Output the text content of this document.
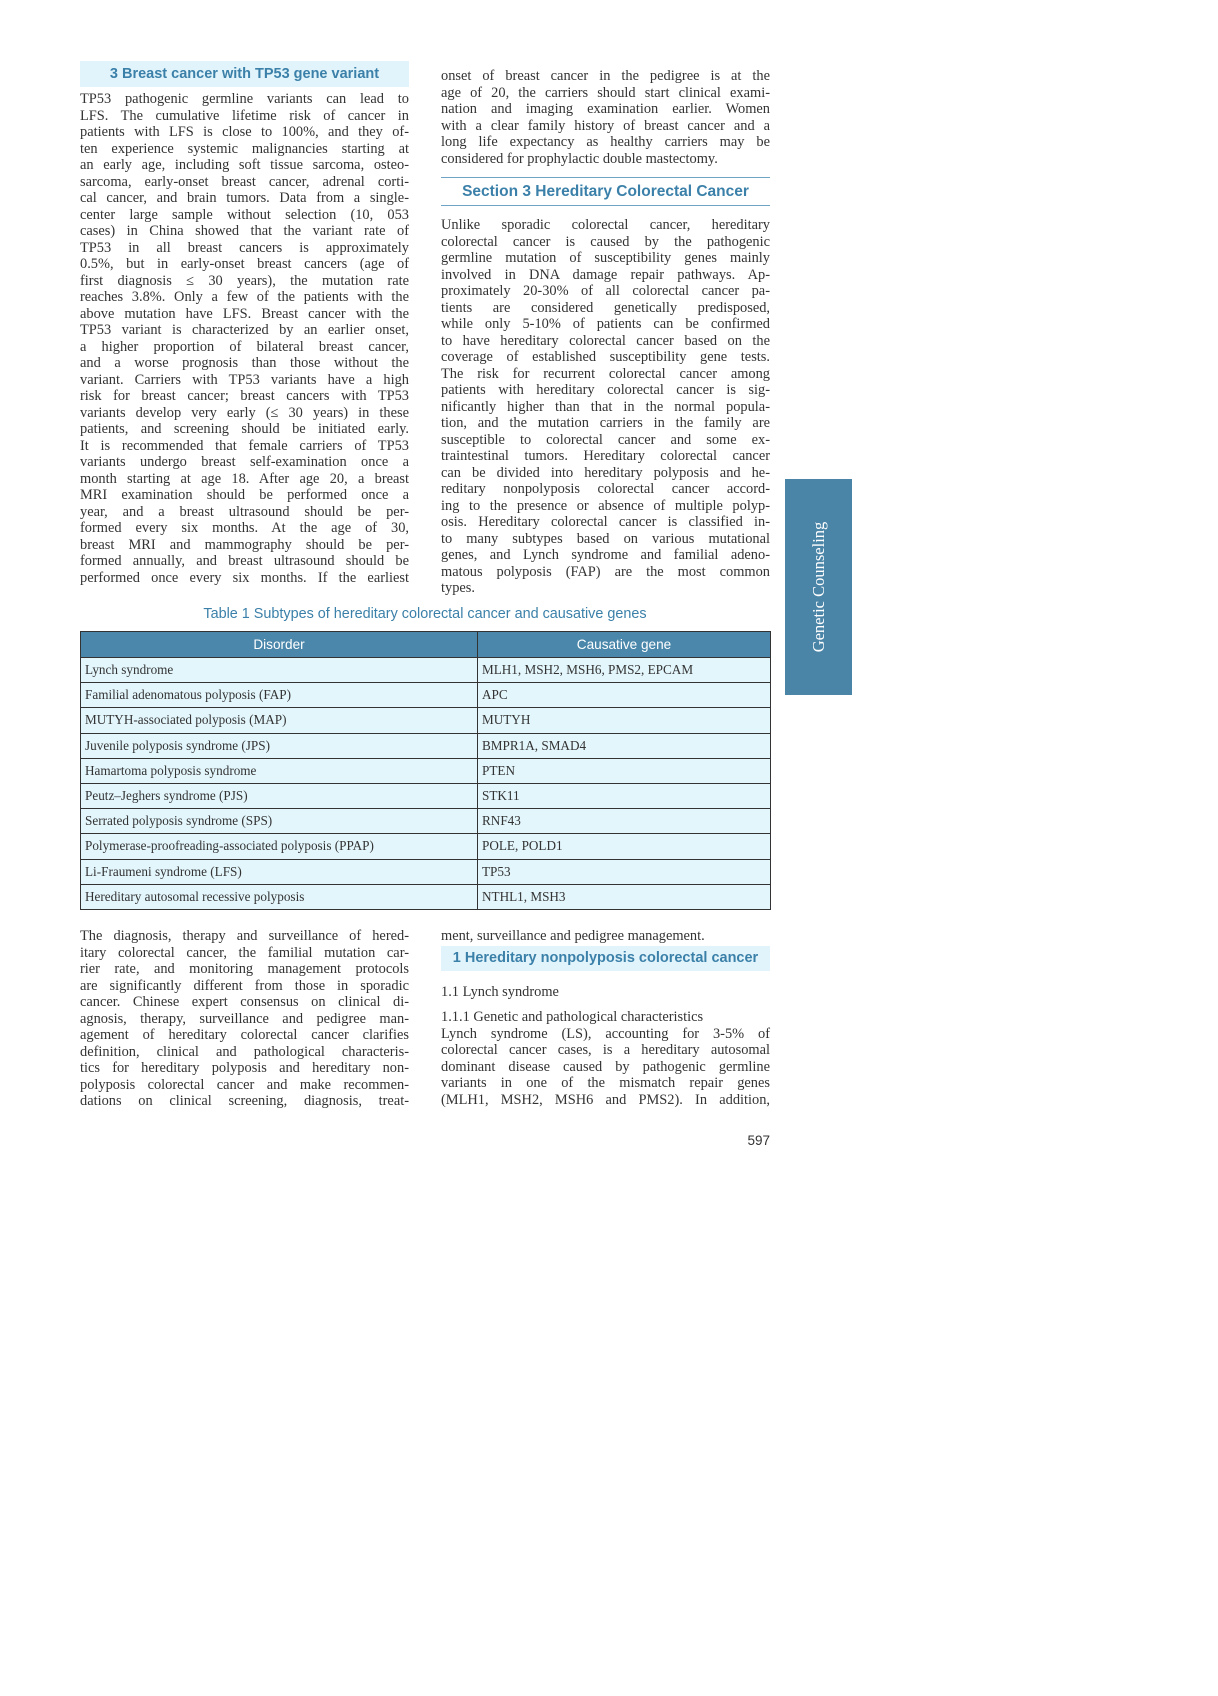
3 Breast cancer with TP53 gene variant
TP53 pathogenic germline variants can lead to
LFS. The cumulative lifetime risk of cancer in
patients with LFS is close to 100%, and they of-
ten experience systemic malignancies starting at
an early age, including soft tissue sarcoma, osteo-
sarcoma, early-onset breast cancer, adrenal corti-
cal cancer, and brain tumors. Data from a single-
center large sample without selection (10, 053
cases) in China showed that the variant rate of
TP53 in all breast cancers is approximately
0.5%, but in early-onset breast cancers (age of
first diagnosis ≤ 30 years), the mutation rate
reaches 3.8%. Only a few of the patients with the
above mutation have LFS. Breast cancer with the
TP53 variant is characterized by an earlier onset,
a higher proportion of bilateral breast cancer,
and a worse prognosis than those without the
variant. Carriers with TP53 variants have a high
risk for breast cancer; breast cancers with TP53
variants develop very early (≤ 30 years) in these
patients, and screening should be initiated early.
It is recommended that female carriers of TP53
variants undergo breast self-examination once a
month starting at age 18. After age 20, a breast
MRI examination should be performed once a
year, and a breast ultrasound should be per-
formed every six months. At the age of 30,
breast MRI and mammography should be per-
formed annually, and breast ultrasound should be
performed once every six months. If the earliest
onset of breast cancer in the pedigree is at the
age of 20, the carriers should start clinical exami-
nation and imaging examination earlier. Women
with a clear family history of breast cancer and a
long life expectancy as healthy carriers may be
considered for prophylactic double mastectomy.
Section 3 Hereditary Colorectal Cancer
Unlike sporadic colorectal cancer, hereditary
colorectal cancer is caused by the pathogenic
germline mutation of susceptibility genes mainly
involved in DNA damage repair pathways. Ap-
proximately 20-30% of all colorectal cancer pa-
tients are considered genetically predisposed,
while only 5-10% of patients can be confirmed
to have hereditary colorectal cancer based on the
coverage of established susceptibility gene tests.
The risk for recurrent colorectal cancer among
patients with hereditary colorectal cancer is sig-
nificantly higher than that in the normal popula-
tion, and the mutation carriers in the family are
susceptible to colorectal cancer and some ex-
traintestinal tumors. Hereditary colorectal cancer
can be divided into hereditary polyposis and he-
reditary nonpolyposis colorectal cancer accord-
ing to the presence or absence of multiple polyp-
osis. Hereditary colorectal cancer is classified in-
to many subtypes based on various mutational
genes, and Lynch syndrome and familial adeno-
matous polyposis (FAP) are the most common
types.
Table 1 Subtypes of hereditary colorectal cancer and causative genes
Disorder	Causative gene
Lynch syndrome	MLH1, MSH2, MSH6, PMS2, EPCAM
Familial adenomatous polyposis (FAP)	APC
MUTYH-associated polyposis (MAP)	MUTYH
Juvenile polyposis syndrome (JPS)	BMPR1A, SMAD4
Hamartoma polyposis syndrome	PTEN
Peutz–Jeghers syndrome (PJS)	STK11
Serrated polyposis syndrome (SPS)	RNF43
Polymerase-proofreading-associated polyposis (PPAP)	POLE, POLD1
Li-Fraumeni syndrome (LFS)	TP53
Hereditary autosomal recessive polyposis	NTHL1, MSH3
The diagnosis, therapy and surveillance of hered-
itary colorectal cancer, the familial mutation car-
rier rate, and monitoring management protocols
are significantly different from those in sporadic
cancer. Chinese expert consensus on clinical di-
agnosis, therapy, surveillance and pedigree man-
agement of hereditary colorectal cancer clarifies
definition, clinical and pathological characteris-
tics for hereditary polyposis and hereditary non-
polyposis colorectal cancer and make recommen-
dations on clinical screening, diagnosis, treat-
ment, surveillance and pedigree management.
1 Hereditary nonpolyposis colorectal cancer
1.1 Lynch syndrome
1.1.1 Genetic and pathological characteristics
Lynch syndrome (LS), accounting for 3-5% of
colorectal cancer cases, is a hereditary autosomal
dominant disease caused by pathogenic germline
variants in one of the mismatch repair genes
(MLH1, MSH2, MSH6 and PMS2). In addition,
597
Genetic Counseling
